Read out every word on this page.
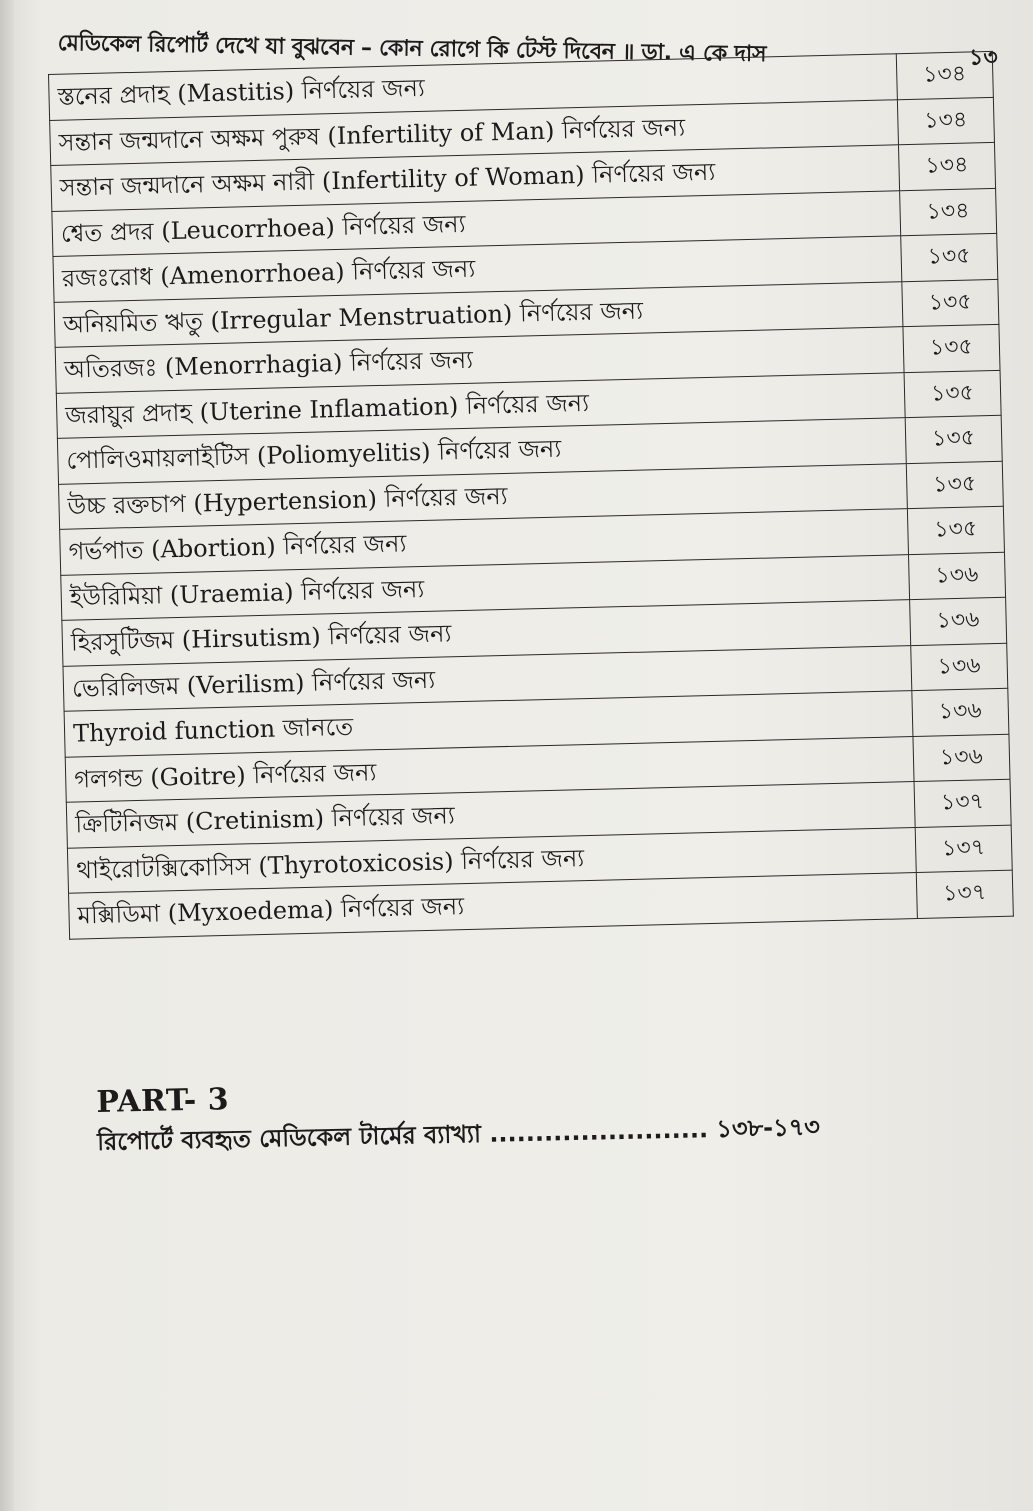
মেডিকেল রিপোর্ট দেখে যা বুঝবেন – কোন রোগে কি টেস্ট দিবেন ॥ ডা. এ কে দাস	১৩
স্তনের প্রদাহ (Mastitis) নির্ণয়ের জন্য	১৩৪
সন্তান জন্মদানে অক্ষম পুরুষ (Infertility of Man) নির্ণয়ের জন্য	১৩৪
সন্তান জন্মদানে অক্ষম নারী (Infertility of Woman) নির্ণয়ের জন্য	১৩৪
শ্বেত প্রদর (Leucorrhoea) নির্ণয়ের জন্য	১৩৪
রজঃরোধ (Amenorrhoea) নির্ণয়ের জন্য	১৩৫
অনিয়মিত ঋতু (Irregular Menstruation) নির্ণয়ের জন্য	১৩৫
অতিরজঃ (Menorrhagia) নির্ণয়ের জন্য	১৩৫
জরায়ুর প্রদাহ (Uterine Inflamation) নির্ণয়ের জন্য	১৩৫
পোলিওমায়লাইটিস (Poliomyelitis) নির্ণয়ের জন্য	১৩৫
উচ্চ রক্তচাপ (Hypertension) নির্ণয়ের জন্য	১৩৫
গর্ভপাত (Abortion) নির্ণয়ের জন্য	১৩৫
ইউরিমিয়া (Uraemia) নির্ণয়ের জন্য	১৩৬
হিরসুটিজম (Hirsutism) নির্ণয়ের জন্য	১৩৬
ভেরিলিজম (Verilism) নির্ণয়ের জন্য	১৩৬
Thyroid function জানতে	১৩৬
গলগন্ড (Goitre) নির্ণয়ের জন্য	১৩৬
ক্রিটিনিজম (Cretinism) নির্ণয়ের জন্য	১৩৭
থাইরোটক্সিকোসিস (Thyrotoxicosis) নির্ণয়ের জন্য	১৩৭
মক্সিডিমা (Myxoedema) নির্ণয়ের জন্য	১৩৭
PART- 3
রিপোর্টে ব্যবহৃত মেডিকেল টার্মের ব্যাখ্যা ........................ ১৩৮-১৭৩
